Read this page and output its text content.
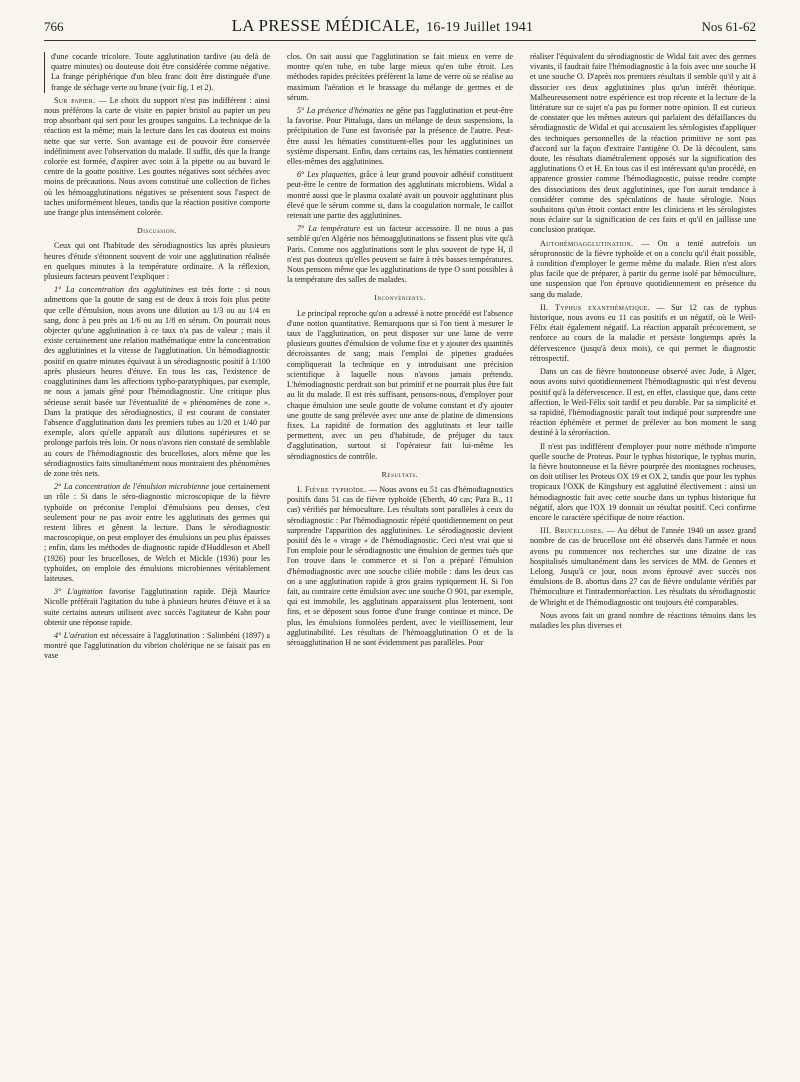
766	LA PRESSE MÉDICALE, 16-19 Juillet 1941	Nos 61-62

d'une cocarde tricolore. Toute agglutination tardive (au delà de quatre minutes) ou douteuse doit être considérée comme négative. La frange périphérique d'un bleu franc doit être distinguée d'une frange de séchage verte ou brune (voir fig. 1 et 2).

Sur papier. — Le choix du support n'est pas indifférent : ainsi nous préférons la carte de visite en papier bristol au papier un peu trop absorbant qui sert pour les groupes sanguins. La technique de la réaction est la même; mais la lecture dans les cas douteux est moins nette que sur verre. Son avantage est de pouvoir être conservée indéfiniment avec l'observation du malade. Il suffit, dès que la frange colorée est formée, d'aspirer avec soin à la pipette ou au buvard le centre de la goutte positive. Les gouttes négatives sont séchées avec moins de précautions. Nous avons constitué une collection de fiches où les hémoagglutinations négatives se présentent sous l'aspect de taches uniformément bleues, tandis que la réaction positive comporte une frange plus intensément colorée.

Discussion.

Ceux qui ont l'habitude des sérodiagnostics lus après plusieurs heures d'étude s'étonnent souvent de voir une agglutination réalisée en quelques minutes à la température ordinaire. A la réflexion, plusieurs facteurs peuvent l'expliquer :

1° La concentration des agglutinines est très forte : si nous admettons que la goutte de sang est de deux à trois fois plus petite que celle d'émulsion, nous avons une dilution au 1/3 ou au 1/4 en sang, donc à peu près au 1/6 ou au 1/8 en sérum. On pourrait nous objecter qu'une agglutination à ce taux n'a pas de valeur ; mais il existe certainement une relation mathématique entre la concentration des agglutinines et la vitesse de l'agglutination. Un hémodiagnostic positif en quatre minutes équivaut à un sérodiagnostic positif à 1/100 après plusieurs heures d'étuve. En tous les cas, l'existence de coagglutinines dans les affections typho-paratyphiques, par exemple, ne nous a jamais gêné pour l'hémodiagnostic. Une critique plus sérieuse serait basée sur l'éventualité de « phénomènes de zone ». Dans la pratique des sérodiagnostics, il est courant de constater l'absence d'agglutination dans les premiers tubes au 1/20 et 1/40 par exemple, alors qu'elle apparaît aux dilutions supérieures et se prolonge parfois très loin. Or nous n'avons rien constaté de semblable au cours de l'hémodiagnostic des brucelloses, alors même que les sérodiagnostics faits simultanément nous montraient des phénomènes de zone très nets.

2° La concentration de l'émulsion microbienne joue certainement un rôle : Si dans le séro-diagnostic microscopique de la fièvre typhoïde on préconise l'emploi d'émulsions peu denses, c'est seulement pour ne pas avoir entre les agglutinats des germes qui restent libres et gênent la lecture. Dans le sérodiagnostic macroscopique, on peut employer des émulsions un peu plus épaisses ; enfin, dans les méthodes de diagnostic rapide d'Huddleson et Abell (1926) pour les brucelloses, de Welch et Mickle (1936) pour les typhoïdes, on emploie des émulsions microbiennes véritablement laiteuses.

3° L'agitation favorise l'agglutination rapide. Déjà Maurice Nicolle préférait l'agitation du tube à plusieurs heures d'étuve et à sa suite certains auteurs utilisent avec succès l'agitateur de Kahn pour obtenir une réponse rapide.

4° L'aération est nécessaire à l'agglutination : Salimbéni (1897) a montré que l'agglutination du vibrion cholérique ne se faisait pas en vase

clos. On sait aussi que l'agglutination se fait mieux en verre de montre qu'en tube, en tube large mieux qu'en tube étroit. Les méthodes rapides précitées préfèrent la lame de verre où se réalise au maximum l'aération et le brassage du mélange de germes et de sérum.

5° La présence d'hématies ne gêne pas l'agglutination et peut-être la favorise. Pour Pittaluga, dans un mélange de deux suspensions, la précipitation de l'une est favorisée par la présence de l'autre. Peut-être aussi les hématies constituent-elles pour les agglutinines un système dispersant. Enfin, dans certains cas, les hématies contiennent elles-mêmes des agglutinines.

6° Les plaquettes, grâce à leur grand pouvoir adhésif constituent peut-être le centre de formation des agglutinats microbiens. Widal a montré aussi que le plasma oxalaté avait un pouvoir agglutinant plus élevé que le sérum comme si, dans la coagulation normale, le caillot retenait une partie des agglutinines.

7° La température est un facteur accessoire. Il ne nous a pas semblé qu'en Algérie nos hémoagglutinations se fissent plus vite qu'à Paris. Comme nos agglutinations sont le plus souvent de type H, il n'est pas douteux qu'elles peuvent se faire à très basses températures. Nous pensons même que les agglutinations de type O sont possibles à la température des salles de malades.

Inconvénients.

Le principal reproche qu'on a adressé à notre procédé est l'absence d'une notion quantitative. Remarquons que si l'on tient à mesurer le taux de l'agglutination, on peut disposer sur une lame de verre plusieurs gouttes d'émulsion de volume fixe et y ajouter des quantités décroissantes de sang; mais l'emploi de pipettes graduées compliquerait la technique en y introduisant une précision scientifique à laquelle nous n'avons jamais prétendu. L'hémodiagnostic perdrait son but primitif et ne pourrait plus être fait au lit du malade. Il est très suffisant, pensons-nous, d'employer pour chaque émulsion une seule goutte de volume constant et d'y ajouter une goutte de sang prélevée avec une anse de platine de dimensions fixes. La rapidité de formation des agglutinats et leur taille permettent, avec un peu d'habitude, de préjuger du taux d'agglutination, surtout si l'opérateur fait lui-même les sérodiagnostics de contrôle.

Résultats.

I. Fièvre typhoïde. — Nous avons eu 51 cas d'hémodiagnostics positifs dans 51 cas de fièvre typhoïde (Eberth, 40 cas; Para B., 11 cas) vérifiés par hémoculture. Les résultats sont parallèles à ceux du sérodiagnostic : Par l'hémodiagnostic répété quotidiennement on peut surprendre l'apparition des agglutinines. Le sérodiagnostic devient positif dès le « virage » de l'hémodiagnostic. Ceci n'est vrai que si l'on emploie pour le sérodiagnostic une émulsion de germes tués que l'on trouve dans le commerce et si l'on a préparé l'émulsion d'hémodiagnostic avec une souche ciliée mobile : dans les deux cas on a une agglutination rapide à gros grains typiquement H. Si l'on fait, au contraire cette émulsion avec une souche O 901, par exemple, qui est immobile, les agglutinats apparaissent plus lentement, sont fins, et se déposent sous forme d'une frange continue et mince. De plus, les émulsions formolées perdent, avec le vieillissement, leur agglutinabilité. Les résultats de l'hémoagglutination O et de la séroagglutination H ne sont évidemment pas parallèles. Pour

réaliser l'équivalent du sérodiagnostic de Widal fait avec des germes vivants, il faudrait faire l'hémodiagnostic à la fois avec une souche H et une souche O. D'après nos premiers résultats il semble qu'il y ait à dissocier ces deux agglutinines plus qu'un intérêt théorique. Malheureusement notre expérience est trop récente et la lecture de la littérature sur ce sujet n'a pas pu former notre opinion. Il est curieux de constater que les mêmes auteurs qui parlaient des défaillances du sérodiagnostic de Widal et qui accusaient les sérologistes d'appliquer des techniques personnelles de la réaction primitive ne sont pas d'accord sur la façon d'extraire l'antigène O. De là découlent, sans doute, les résultats diamétralement opposés sur la signification des agglutinations O et H. En tous cas il est intéressant qu'un procédé, en apparence grossier comme l'hémodiagnostic, puisse rendre compte des dissociations des deux agglutinines, que l'on aurait tendance à considérer comme des spéculations de haute sérologie. Nous souhaitons qu'un étroit contact entre les cliniciens et les sérologistes nous éclaire sur la signification de ces faits et qu'il en jaillisse une conclusion pratique.

Autohémoagglutination. — On a tenté autrefois un séropronostic de la fièvre typhoïde et on a conclu qu'il était possible, à condition d'employer le germe même du malade. Rien n'est alors plus facile que de préparer, à partir du germe isolé par hémoculture, une suspension que l'on éprouve quotidiennement en présence du sang du malade.

II. Typhus exanthématique. — Sur 12 cas de typhus historique, nous avons eu 11 cas positifs et un négatif, où le Weil-Félix était également négatif. La réaction apparaît précocement, se renforce au cours de la maladie et persiste longtemps après la défervescence (jusqu'à deux mois), ce qui permet le diagnostic rétrospectif.

Dans un cas de fièvre boutonneuse observé avec Jude, à Alger, nous avons suivi quotidiennement l'hémodiagnostic qui n'est devenu positif qu'à la défervescence. Il est, en effet, classique que, dans cette affection, le Weil-Félix soit tardif et peu durable. Par sa simplicité et sa rapidité, l'hémodiagnostic paraît tout indiqué pour surprendre une réaction éphémère et permet de prélever au bon moment le sang destiné à la séroréaction.

Il n'est pas indifférent d'employer pour notre méthode n'importe quelle souche de Proteus. Pour le typhus historique, le typhus murin, la fièvre boutonneuse et la fièvre pourprée des montagnes rocheuses, on doit utiliser les Proteus OX 19 et OX 2, tandis que pour les typhus tropicaux l'OXK de Kingsbury est agglutiné électivement : ainsi un hémodiagnostic fait avec cette souche dans un typhus historique fut négatif, alors que l'OX 19 donnait un résultat positif. Ceci confirme encore le caractère spécifique de notre réaction.

III. Brucelloses. — Au début de l'année 1940 un assez grand nombre de cas de brucellose ont été observés dans l'armée et nous avons pu commencer nos recherches sur une dizaine de cas hospitalisés simultanément dans les services de MM. de Gennes et Lelong. Jusqu'à ce jour, nous avons éprouvé avec succès nos émulsions de B. abortus dans 27 cas de fièvre ondulante vérifiés par l'hémoculture et l'intradermoréaction. Les résultats du sérodiagnostic de Whright et de l'hémodiagnostic ont toujours été comparables.

Nous avons fait un grand nombre de réactions témoins dans les maladies les plus diverses et
